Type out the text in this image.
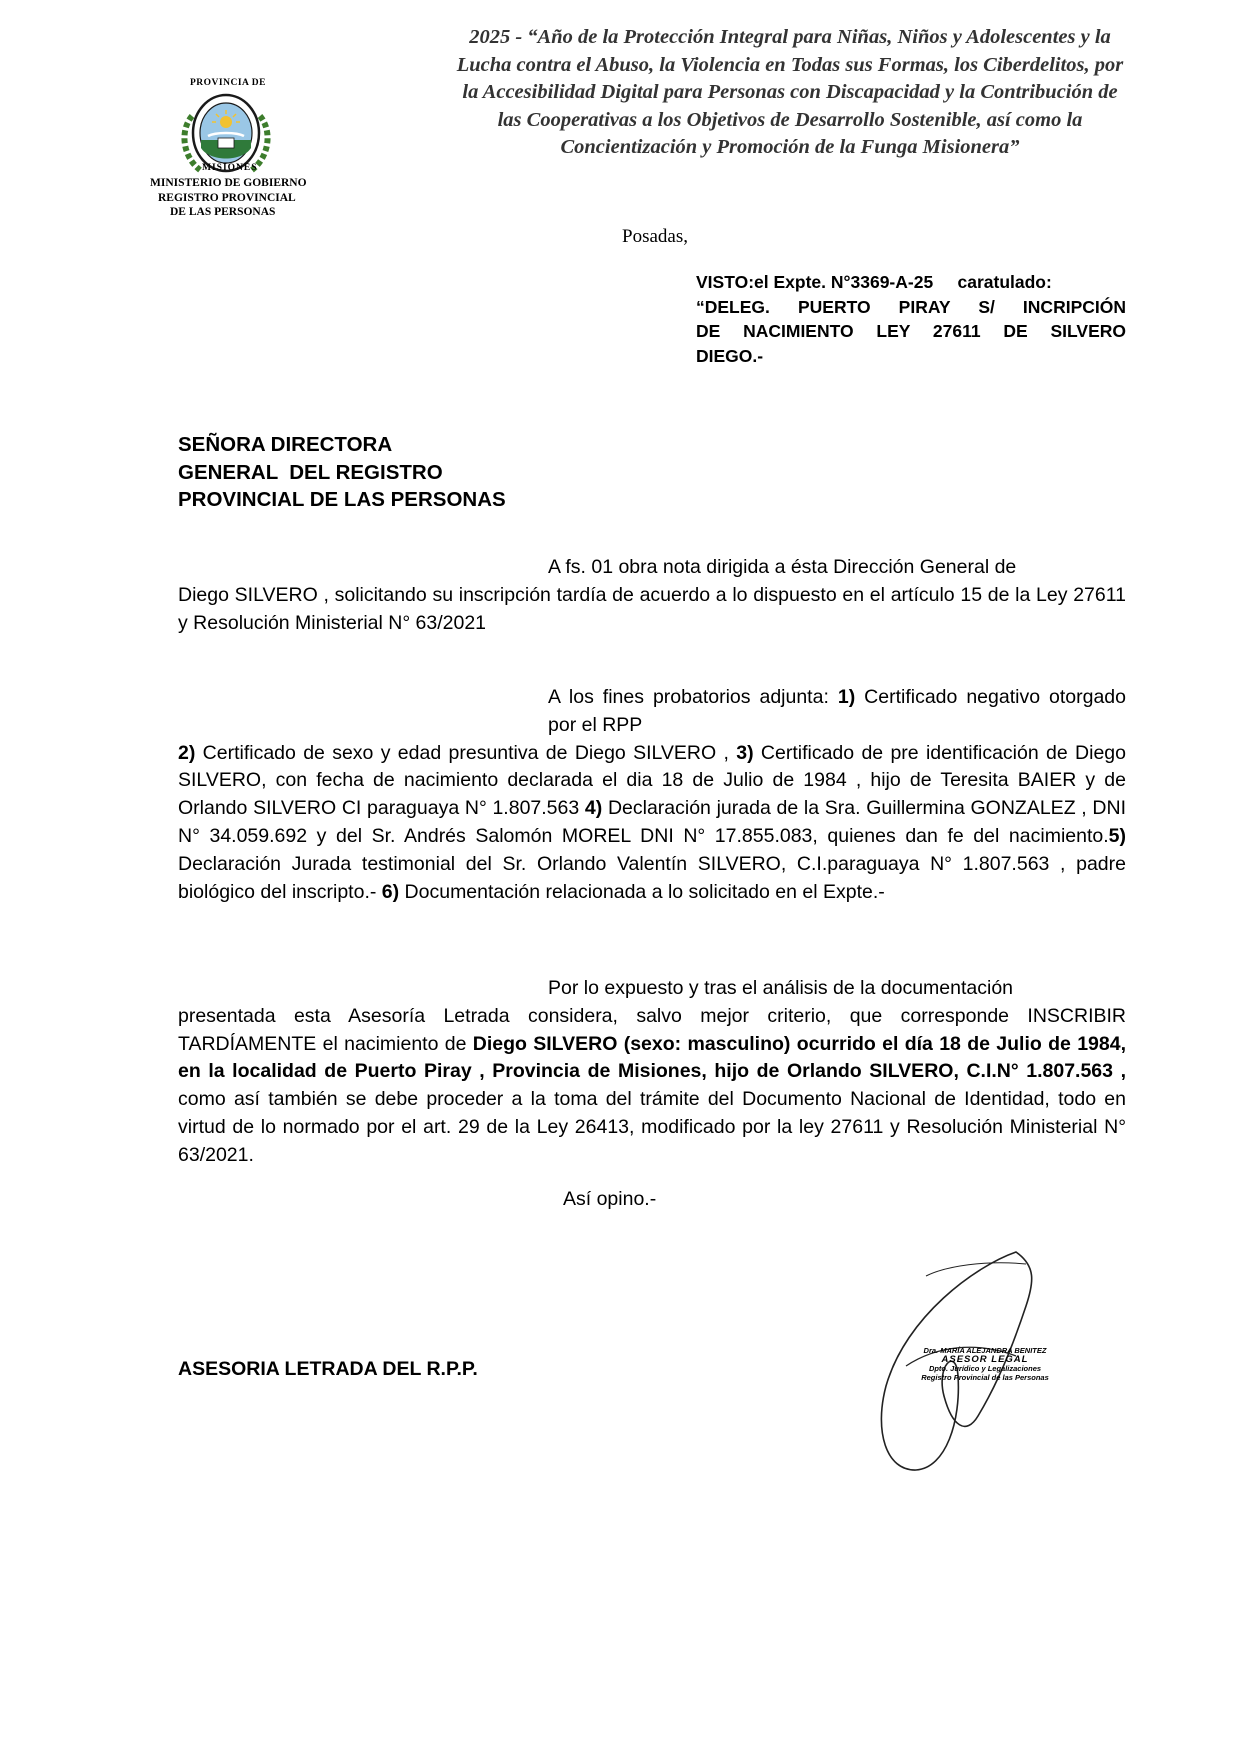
PROVINCIA DE
MISIONES
MINISTERIO DE GOBIERNO
REGISTRO PROVINCIAL
DE LAS PERSONAS
2025 - “Año de la Protección Integral para Niñas, Niños y Adolescentes y la
Lucha contra el Abuso, la Violencia en Todas sus Formas, los Ciberdelitos, por
la Accesibilidad Digital para Personas con Discapacidad y la Contribución de
las Cooperativas a los Objetivos de Desarrollo Sostenible, así como la
Concientización y Promoción de la Funga Misionera”
Posadas,
VISTO:el Expte. N°3369-A-25     caratulado:
“DELEG. PUERTO PIRAY S/ INCRIPCIÓN
DE NACIMIENTO LEY 27611 DE SILVERO
DIEGO.-
SEÑORA DIRECTORA
GENERAL  DEL REGISTRO
PROVINCIAL DE LAS PERSONAS
A fs. 01 obra nota dirigida a ésta Dirección General de
Diego SILVERO , solicitando su inscripción tardía de acuerdo a lo dispuesto en el artículo 15 de la Ley 27611 y Resolución Ministerial N° 63/2021
A los fines probatorios adjunta: 1) Certificado negativo otorgado por el RPP
2) Certificado de sexo y edad presuntiva de Diego SILVERO , 3) Certificado de pre identificación de Diego SILVERO, con fecha de nacimiento declarada el dia 18 de Julio de 1984 , hijo de Teresita BAIER y de Orlando SILVERO CI paraguaya N° 1.807.563 4) Declaración jurada de la Sra. Guillermina GONZALEZ , DNI N° 34.059.692 y del Sr. Andrés Salomón MOREL DNI N° 17.855.083, quienes dan fe del nacimiento.5) Declaración Jurada testimonial del Sr. Orlando Valentín SILVERO, C.I.paraguaya N° 1.807.563 , padre biológico del inscripto.- 6) Documentación relacionada a lo solicitado en el Expte.-
Por lo expuesto y tras el análisis de la documentación
presentada esta Asesoría Letrada considera, salvo mejor criterio, que corresponde INSCRIBIR TARDÍAMENTE el nacimiento de Diego SILVERO (sexo: masculino) ocurrido el día 18 de Julio de 1984, en la localidad de Puerto Piray , Provincia de Misiones, hijo de Orlando SILVERO, C.I.N° 1.807.563 , como así también se debe proceder a la toma del trámite del Documento Nacional de Identidad, todo en virtud de lo normado por el art. 29 de la Ley 26413, modificado por la ley 27611 y Resolución Ministerial N° 63/2021.
Así opino.-
ASESORIA LETRADA DEL R.P.P.
Dra. MARÍA ALEJANDRA BENITEZ
ASESOR LEGAL
Dpto. Jurídico y Legalizaciones
Registro Provincial de las Personas
